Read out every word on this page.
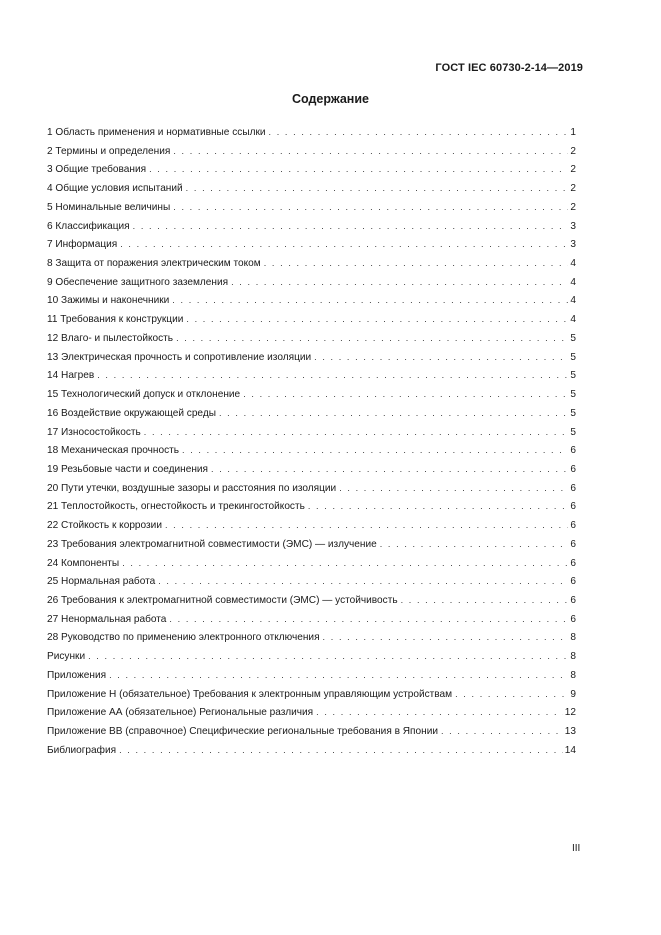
ГОСТ IEC 60730-2-14—2019
Содержание
1 Область применения и нормативные ссылки . . .	1
2 Термины и определения . . .	2
3 Общие требования . . .	2
4 Общие условия испытаний . . .	2
5 Номинальные величины . . .	2
6 Классификация . . .	3
7 Информация . . .	3
8 Защита от поражения электрическим током . . .	4
9 Обеспечение защитного заземления . . .	4
10 Зажимы и наконечники . . .	4
11 Требования к конструкции . . .	4
12 Влаго- и пылестойкость . . .	5
13 Электрическая прочность и сопротивление изоляции . . .	5
14 Нагрев . . .	5
15 Технологический допуск и отклонение . . .	5
16 Воздействие окружающей среды . . .	5
17 Износостойкость . . .	5
18 Механическая прочность . . .	6
19 Резьбовые части и соединения . . .	6
20 Пути утечки, воздушные зазоры и расстояния по изоляции . . .	6
21 Теплостойкость, огнестойкость и трекингостойкость . . .	6
22 Стойкость к коррозии . . .	6
23 Требования электромагнитной совместимости (ЭМС) — излучение . . .	6
24 Компоненты . . .	6
25 Нормальная работа . . .	6
26 Требования к электромагнитной совместимости (ЭМС) — устойчивость . . .	6
27 Ненормальная работа . . .	6
28 Руководство по применению электронного отключения . . .	8
Рисунки . . .	8
Приложения . . .	8
Приложение H (обязательное) Требования к электронным управляющим устройствам . . .	9
Приложение АА (обязательное) Региональные различия . . .	12
Приложение ВВ (справочное) Специфические региональные требования в Японии . . .	13
Библиография . . .	14
III
